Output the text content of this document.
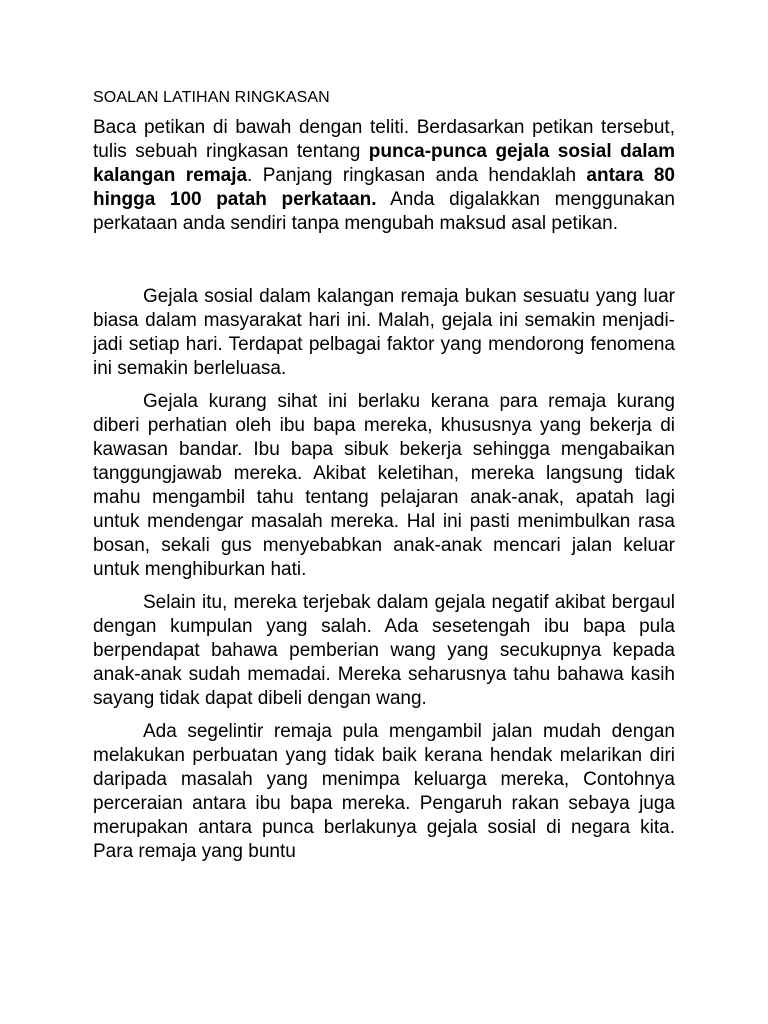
SOALAN LATIHAN RINGKASAN

Baca petikan di bawah dengan teliti. Berdasarkan petikan tersebut, tulis sebuah ringkasan tentang punca-punca gejala sosial dalam kalangan remaja. Panjang ringkasan anda hendaklah antara 80 hingga 100 patah perkataan. Anda digalakkan menggunakan perkataan anda sendiri tanpa mengubah maksud asal petikan.

Gejala sosial dalam kalangan remaja bukan sesuatu yang luar biasa dalam masyarakat hari ini. Malah, gejala ini semakin menjadi-jadi setiap hari. Terdapat pelbagai faktor yang mendorong fenomena ini semakin berleluasa.

Gejala kurang sihat ini berlaku kerana para remaja kurang diberi perhatian oleh ibu bapa mereka, khususnya yang bekerja di kawasan bandar. Ibu bapa sibuk bekerja sehingga mengabaikan tanggungjawab mereka. Akibat keletihan, mereka langsung tidak mahu mengambil tahu tentang pelajaran anak-anak, apatah lagi untuk mendengar masalah mereka. Hal ini pasti menimbulkan rasa bosan, sekali gus menyebabkan anak-anak mencari jalan keluar untuk menghiburkan hati.

Selain itu, mereka terjebak dalam gejala negatif akibat bergaul dengan kumpulan yang salah. Ada sesetengah ibu bapa pula berpendapat bahawa pemberian wang yang secukupnya kepada anak-anak sudah memadai. Mereka seharusnya tahu bahawa kasih sayang tidak dapat dibeli dengan wang.

Ada segelintir remaja pula mengambil jalan mudah dengan melakukan perbuatan yang tidak baik kerana hendak melarikan diri daripada masalah yang menimpa keluarga mereka, Contohnya perceraian antara ibu bapa mereka. Pengaruh rakan sebaya juga merupakan antara punca berlakunya gejala sosial di negara kita. Para remaja yang buntu
